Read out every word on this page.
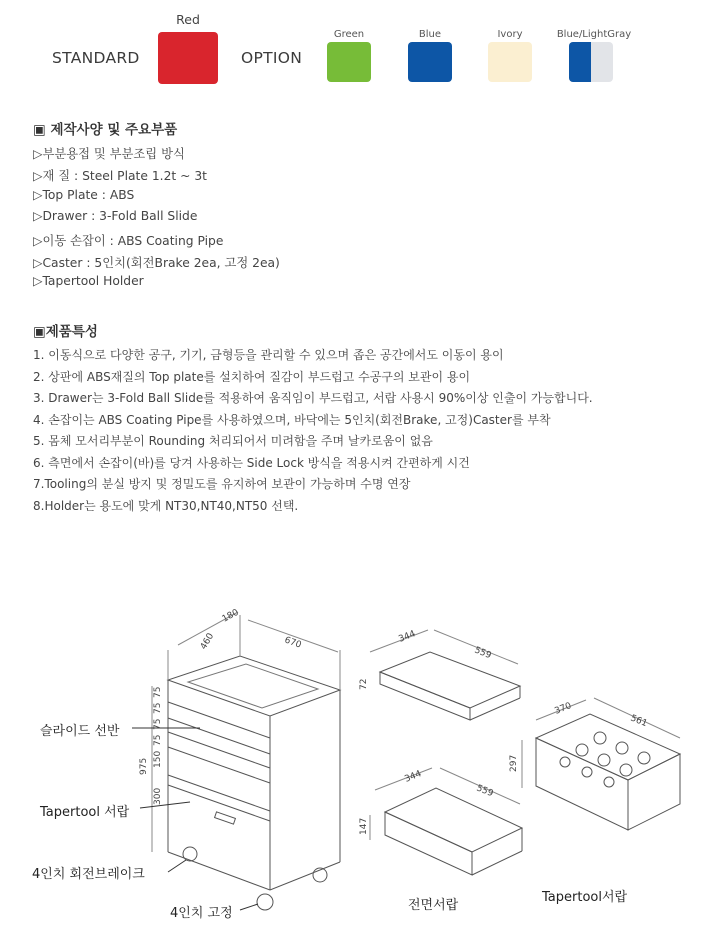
STANDARD
Red
OPTION
Green	Blue	Ivory	Blue/LightGray
▣ 제작사양 및 주요부품
▷부분용접 및 부분조립 방식
▷재 질 : Steel Plate 1.2t ~ 3t
▷Top Plate : ABS
▷Drawer : 3-Fold Ball Slide
▷이동 손잡이 : ABS Coating Pipe
▷Caster : 5인치(회전Brake 2ea, 고정 2ea)
▷Tapertool Holder
▣제품특성
1. 이동식으로 다양한 공구, 기기, 금형등을 관리할 수 있으며 좁은 공간에서도 이동이 용이
2. 상판에 ABS재질의 Top plate를 설치하여 질감이 부드럽고 수공구의 보관이 용이
3. Drawer는 3-Fold Ball Slide를 적용하여 움직임이 부드럽고, 서랍 사용시 90%이상 인출이 가능합니다.
4. 손잡이는 ABS Coating Pipe를 사용하였으며, 바닥에는 5인치(회전Brake, 고정)Caster를 부착
5. 몸체 모서리부분이 Rounding 처리되어서 미려함을 주며 날카로움이 없음
6. 측면에서 손잡이(바)를 당겨 사용하는 Side Lock 방식을 적용시켜 간편하게 시건
7.Tooling의 분실 방지 및 정밀도를 유지하여 보관이 가능하며 수명 연장
8.Holder는 용도에 맞게 NT30,NT40,NT50 선택.
180
460	670
975
75
75
75
75
150
300
344
559
72
344
559
147
370
561
297
슬라이드 선반
Tapertool 서랍
4인치 회전브레이크
4인치 고정
전면서랍
Tapertool서랍
